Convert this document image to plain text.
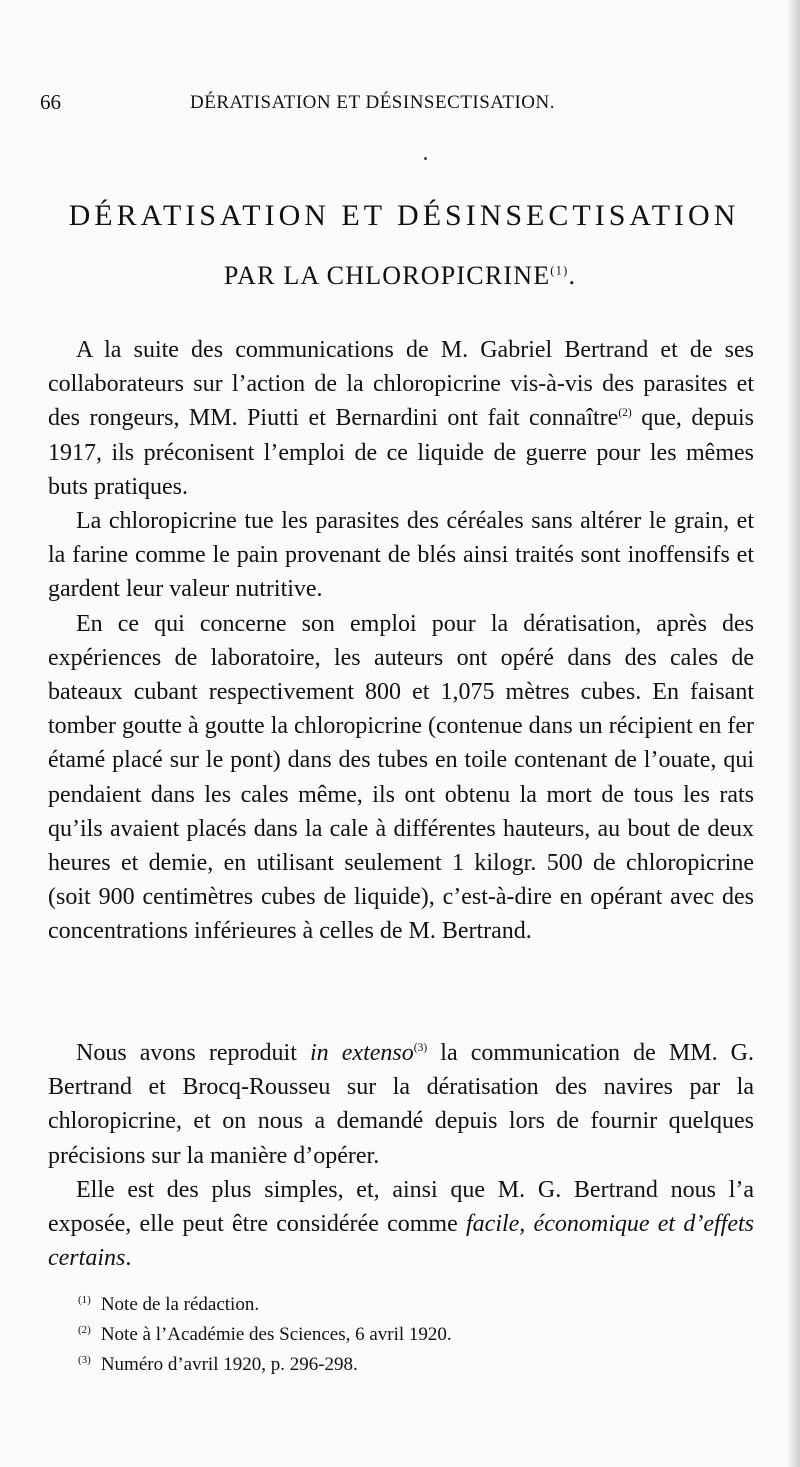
66	DÉRATISATION ET DÉSINSECTISATION.
DÉRATISATION ET DÉSINSECTISATION
PAR LA CHLOROPICRINE$^{(1)}$.

A la suite des communications de M. Gabriel Bertrand et de ses collaborateurs sur l’action de la chloropicrine vis-à-vis des parasites et des rongeurs, MM. Piutti et Bernardini ont fait connaître$^{(2)}$ que, depuis 1917, ils préconisent l’emploi de ce liquide de guerre pour les mêmes buts pratiques.

La chloropicrine tue les parasites des céréales sans altérer le grain, et la farine comme le pain provenant de blés ainsi traités sont inoffensifs et gardent leur valeur nutritive.

En ce qui concerne son emploi pour la dératisation, après des expériences de laboratoire, les auteurs ont opéré dans des cales de bateaux cubant respectivement 800 et 1,075 mètres cubes. En faisant tomber goutte à goutte la chloropicrine (contenue dans un récipient en fer étamé placé sur le pont) dans des tubes en toile contenant de l’ouate, qui pendaient dans les cales même, ils ont obtenu la mort de tous les rats qu’ils avaient placés dans la cale à différentes hauteurs, au bout de deux heures et demie, en utilisant seulement 1 kilogr. 500 de chloropicrine (soit 900 centimètres cubes de liquide), c’est-à-dire en opérant avec des concentrations inférieures à celles de M. Bertrand.

Nous avons reproduit in extenso$^{(3)}$ la communication de MM. G. Bertrand et Brocq-Rousseu sur la dératisation des navires par la chloropicrine, et on nous a demandé depuis lors de fournir quelques précisions sur la manière d’opérer.

Elle est des plus simples, et, ainsi que M. G. Bertrand nous l’a exposée, elle peut être considérée comme facile, économique et d’effets certains.

$^{(1)}$ Note de la rédaction.
$^{(2)}$ Note à l’Académie des Sciences, 6 avril 1920.
$^{(3)}$ Numéro d’avril 1920, p. 296-298.
